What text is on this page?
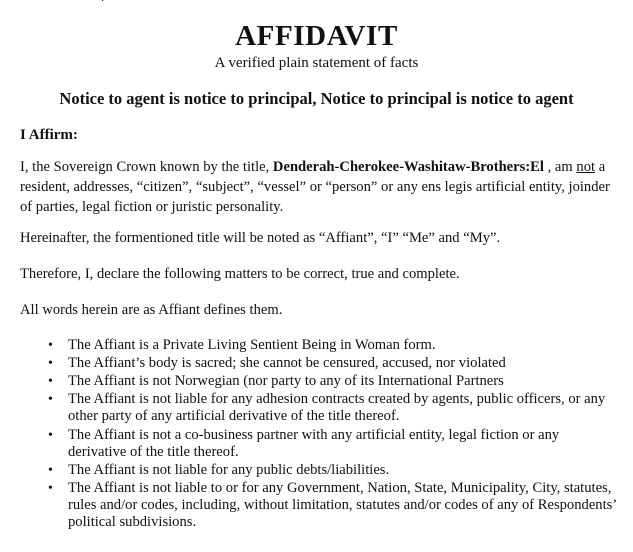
·
AFFIDAVIT
A verified plain statement of facts
Notice to agent is notice to principal, Notice to principal is notice to agent
I Affirm:
I, the Sovereign Crown known by the title, Denderah-Cherokee-Washitaw-Brothers:El , am not a resident, addresses, “citizen”, “subject”, “vessel” or “person” or any ens legis artificial entity, joinder of parties, legal fiction or juristic personality.
Hereinafter, the formentioned title will be noted as “Affiant”, “I” “Me” and “My”.
Therefore, I, declare the following matters to be correct, true and complete.
All words herein are as Affiant defines them.
• The Affiant is a Private Living Sentient Being in Woman form.
• The Affiant’s body is sacred; she cannot be censured, accused, nor violated
• The Affiant is not Norwegian (nor party to any of its International Partners
• The Affiant is not liable for any adhesion contracts created by agents, public officers, or any other party of any artificial derivative of the title thereof.
• The Affiant is not a co-business partner with any artificial entity, legal fiction or any derivative of the title thereof.
• The Affiant is not liable for any public debts/liabilities.
• The Affiant is not liable to or for any Government, Nation, State, Municipality, City, statutes, rules and/or codes, including, without limitation, statutes and/or codes of any of Respondents’ political subdivisions.
